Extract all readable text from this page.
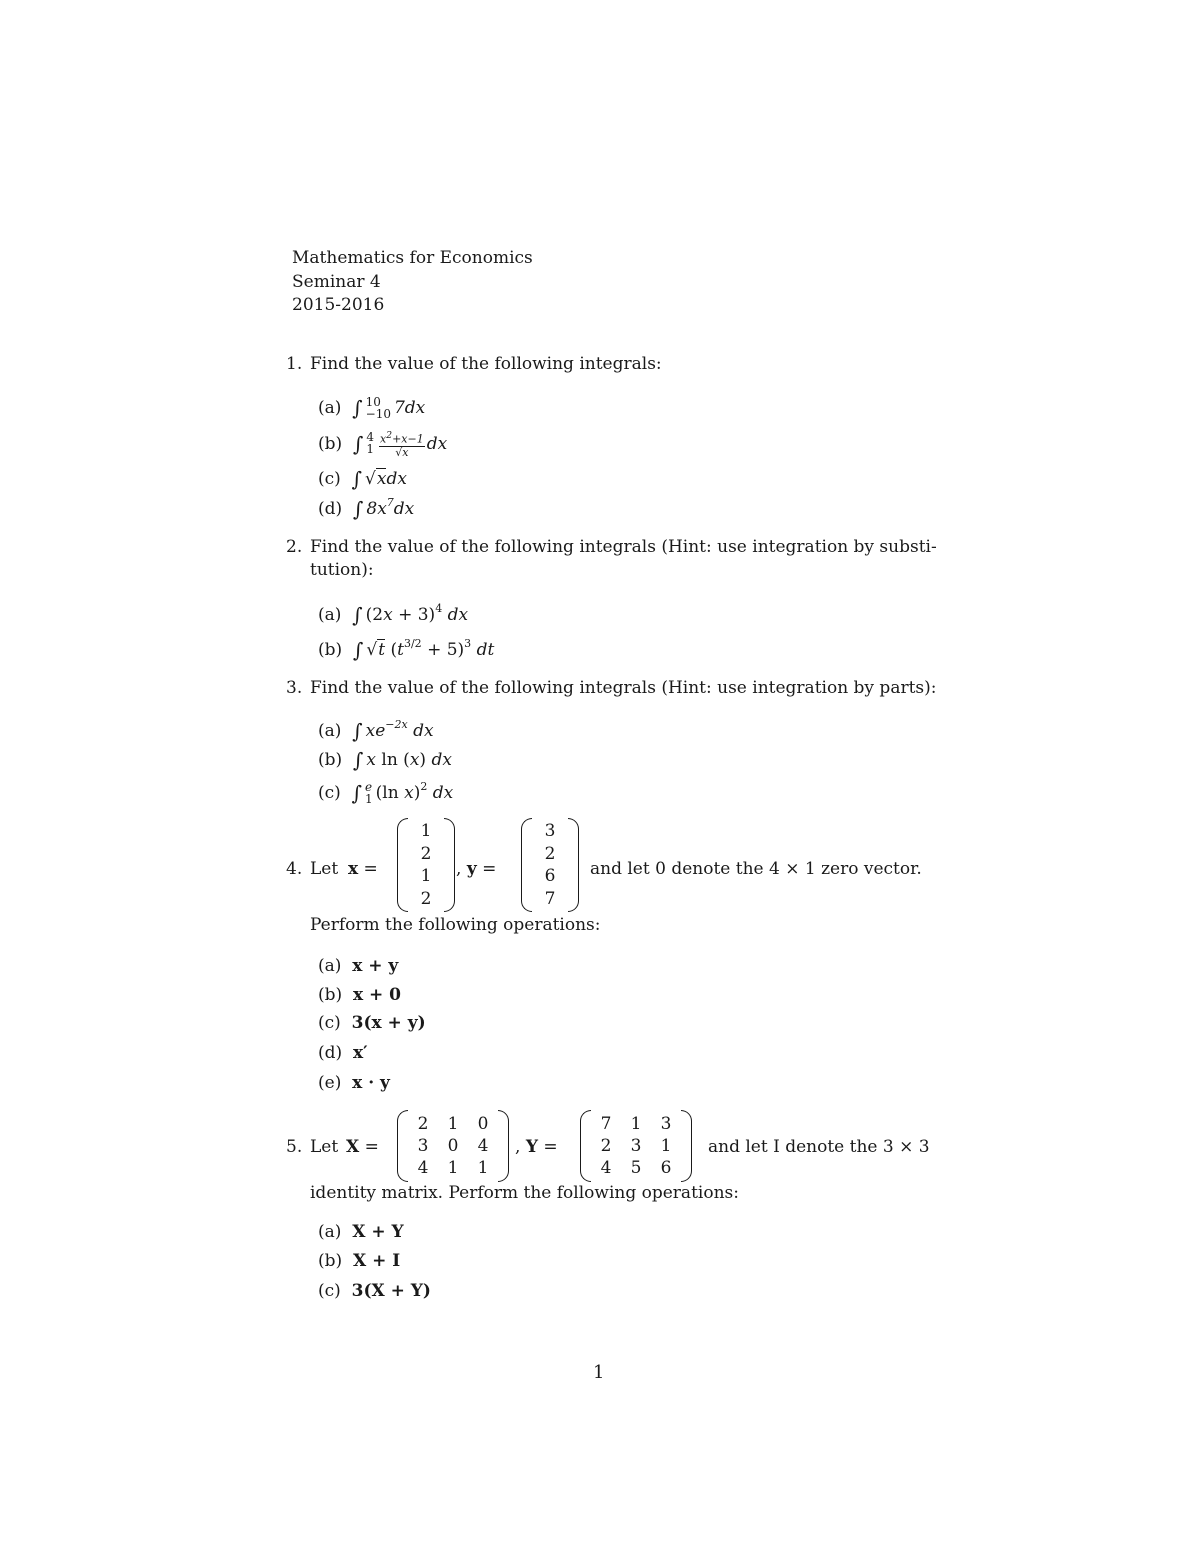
Mathematics for Economics
Seminar 4
2015-2016
1. Find the value of the following integrals:
(a) ∫ 10
−10 7dx
(b) ∫ 4
$1 \frac{x^2+x-1}{√x}$ dx
(c) ∫ √xdx
(d) ∫ $8x^7dx$
2. Find the value of the following integrals (Hint: use integration by substi-
tution):
(a) ∫ $(2x + 3)^4$ dx
(b) ∫ √t $(t^{3/2} + 5)^3$ dt
3. Find the value of the following integrals (Hint: use integration by parts):
(a) ∫ $xe^{-2x}$ dx
(b) ∫ x ln (x) dx
(c) ∫ e
1 (ln x)$^2$ dx
4. Let x =
1
2
1
2
, y =
3
2
6
7
and let 0 denote the 4 × 1 zero vector.
Perform the following operations:
(a) x + y
(b) x + 0
(c) 3(x + y)
(d) x′
(e) x · y
5. Let X =
2	1	0
3	0	4
4	1	1
, Y =
7	1	3
2	3	1
4	5	6
and let I denote the 3 × 3
identity matrix. Perform the following operations:
(a) X + Y
(b) X + I
(c) 3(X + Y)
1
